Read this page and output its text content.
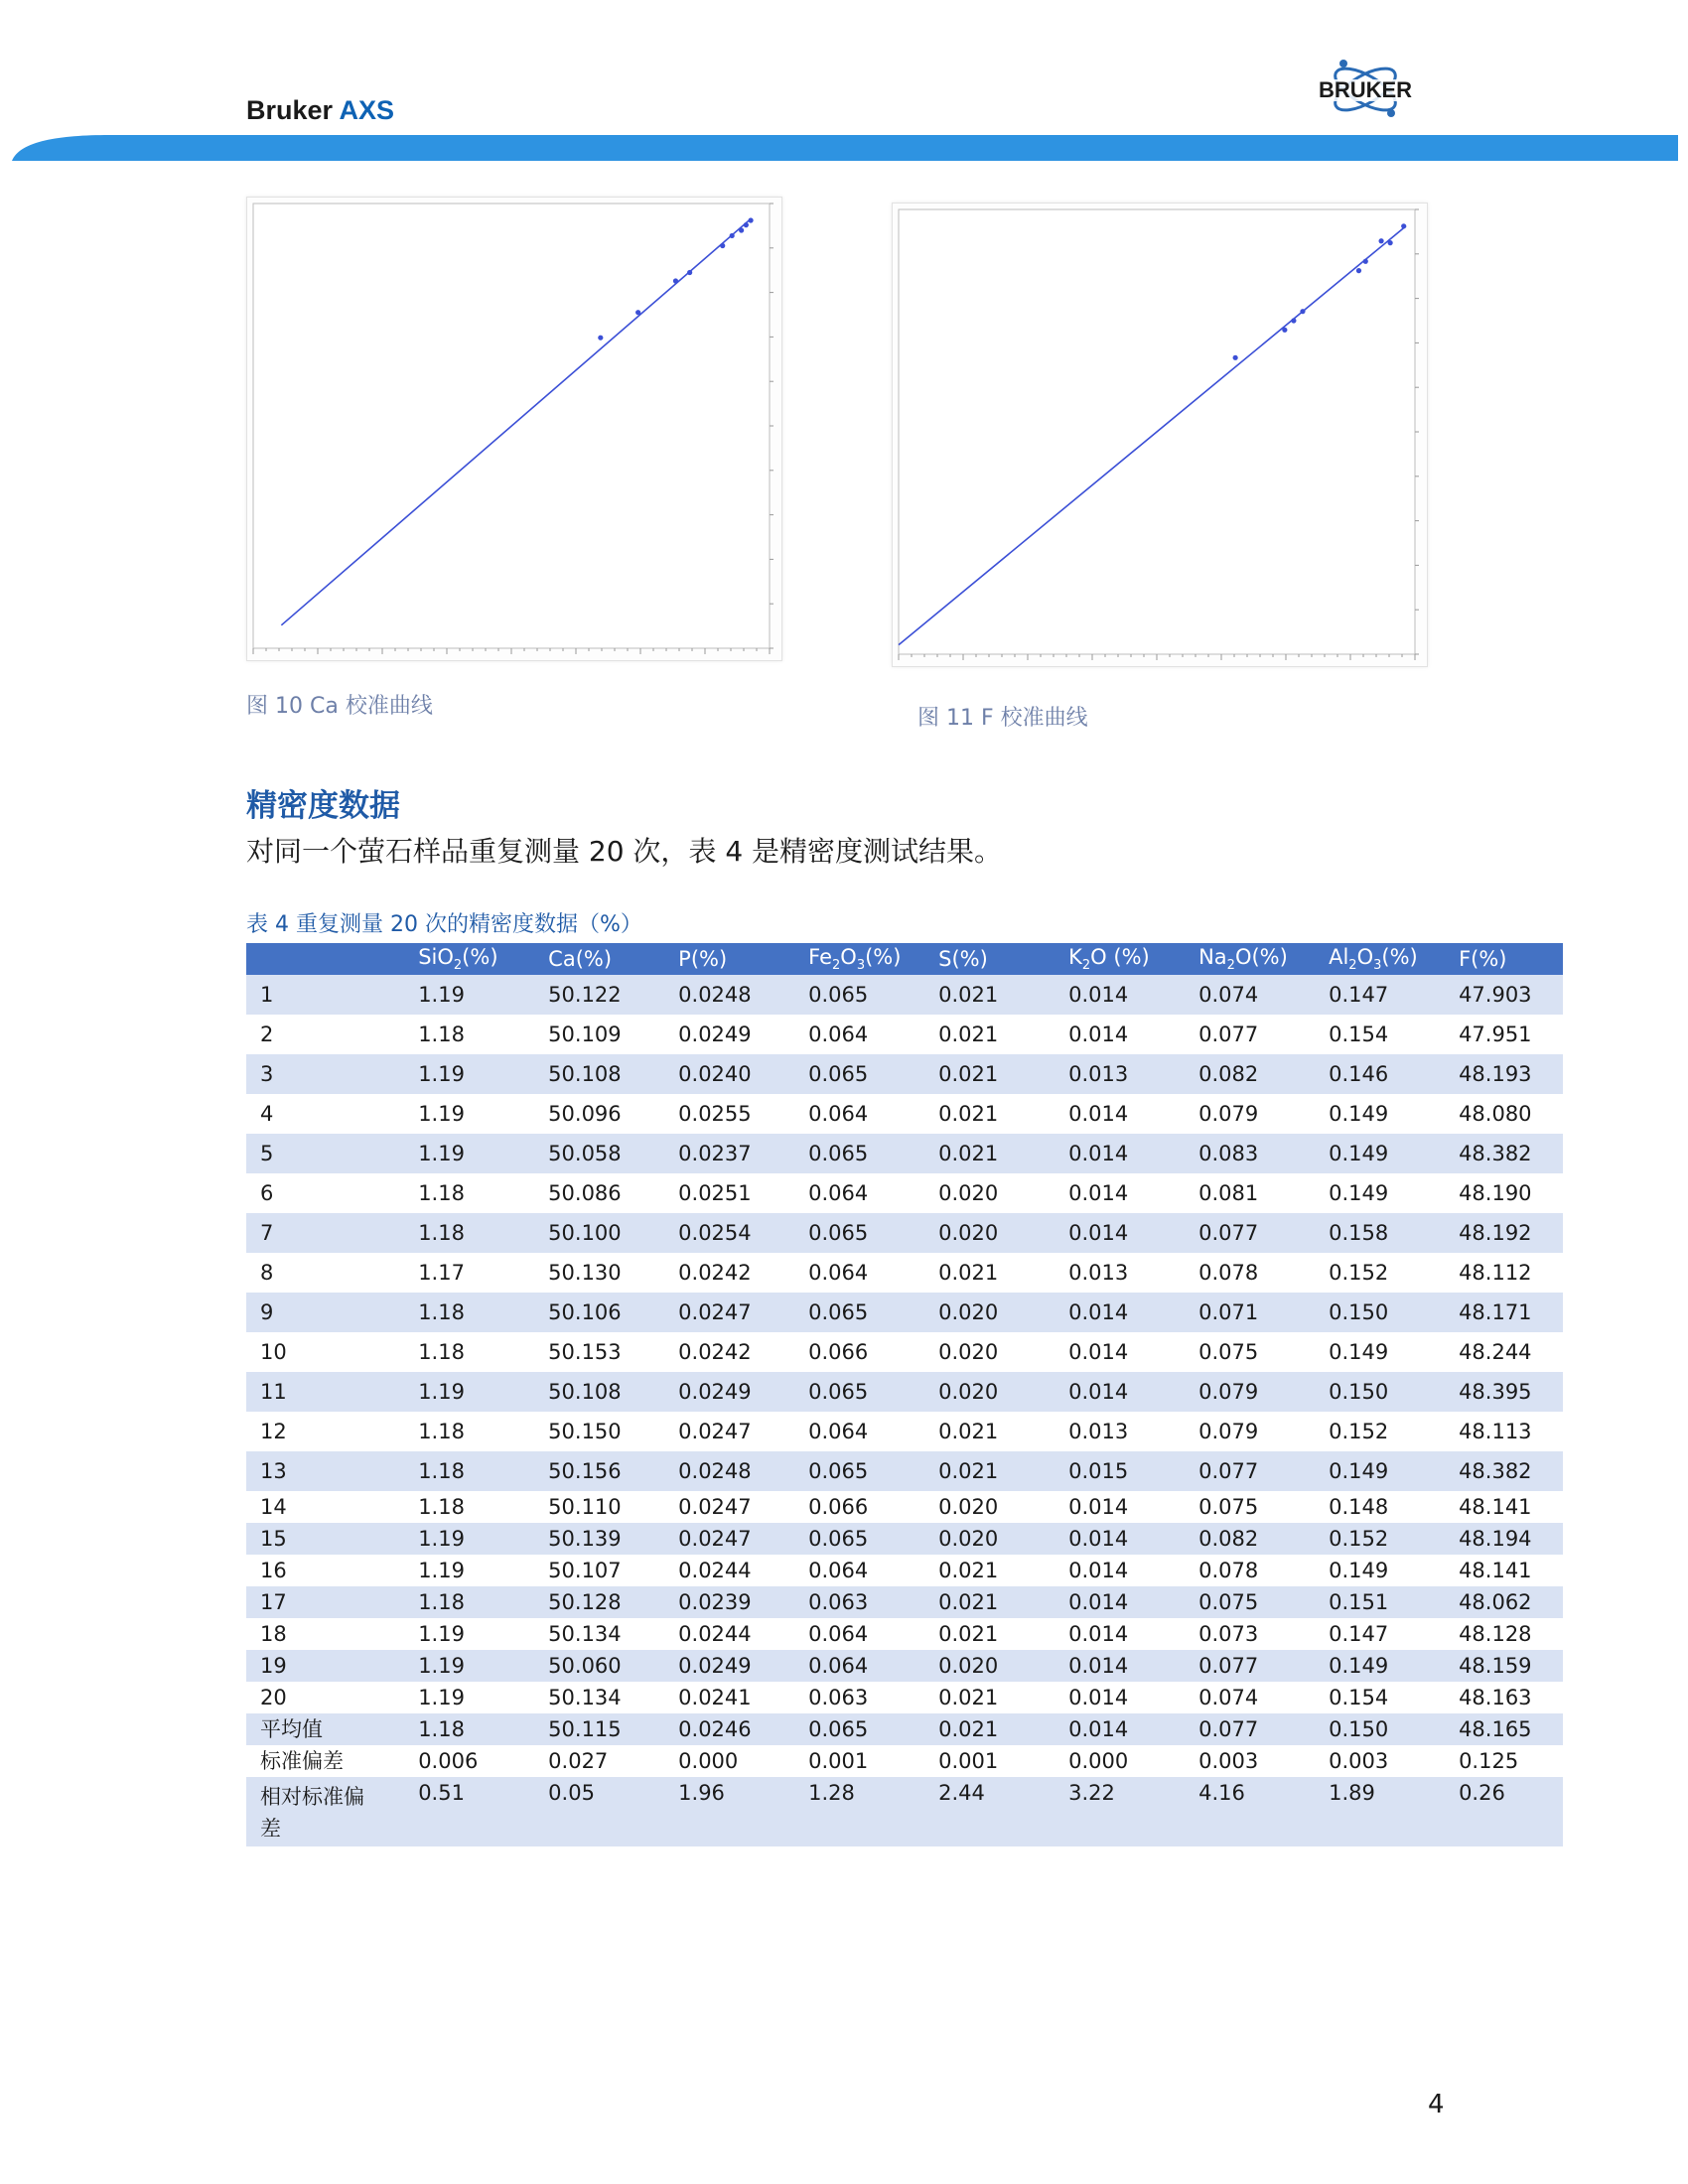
Bruker AXS
BRUKER
图 10 Ca 校准曲线	图 11 F 校准曲线
精密度数据
对同一个萤石样品重复测量 20 次，表 4 是精密度测试结果。
表 4 重复测量 20 次的精密度数据（%）
	SiO$_2$(%)	Ca(%)	P(%)	$Fe_2O_3(\%)$	S(%)	$K_2O$ (%)	$Na_2O(\%)$	$Al_2O_3(\%)$	F(%)
1	1.19	50.122	0.0248	0.065	0.021	0.014	0.074	0.147	47.903
2	1.18	50.109	0.0249	0.064	0.021	0.014	0.077	0.154	47.951
3	1.19	50.108	0.0240	0.065	0.021	0.013	0.082	0.146	48.193
4	1.19	50.096	0.0255	0.064	0.021	0.014	0.079	0.149	48.080
5	1.19	50.058	0.0237	0.065	0.021	0.014	0.083	0.149	48.382
6	1.18	50.086	0.0251	0.064	0.020	0.014	0.081	0.149	48.190
7	1.18	50.100	0.0254	0.065	0.020	0.014	0.077	0.158	48.192
8	1.17	50.130	0.0242	0.064	0.021	0.013	0.078	0.152	48.112
9	1.18	50.106	0.0247	0.065	0.020	0.014	0.071	0.150	48.171
10	1.18	50.153	0.0242	0.066	0.020	0.014	0.075	0.149	48.244
11	1.19	50.108	0.0249	0.065	0.020	0.014	0.079	0.150	48.395
12	1.18	50.150	0.0247	0.064	0.021	0.013	0.079	0.152	48.113
13	1.18	50.156	0.0248	0.065	0.021	0.015	0.077	0.149	48.382
14	1.18	50.110	0.0247	0.066	0.020	0.014	0.075	0.148	48.141
15	1.19	50.139	0.0247	0.065	0.020	0.014	0.082	0.152	48.194
16	1.19	50.107	0.0244	0.064	0.021	0.014	0.078	0.149	48.141
17	1.18	50.128	0.0239	0.063	0.021	0.014	0.075	0.151	48.062
18	1.19	50.134	0.0244	0.064	0.021	0.014	0.073	0.147	48.128
19	1.19	50.060	0.0249	0.064	0.020	0.014	0.077	0.149	48.159
20	1.19	50.134	0.0241	0.063	0.021	0.014	0.074	0.154	48.163
平均值	1.18	50.115	0.0246	0.065	0.021	0.014	0.077	0.150	48.165
标准偏差	0.006	0.027	0.000	0.001	0.001	0.000	0.003	0.003	0.125
相对标准偏差	0.51	0.05	1.96	1.28	2.44	3.22	4.16	1.89	0.26
4
